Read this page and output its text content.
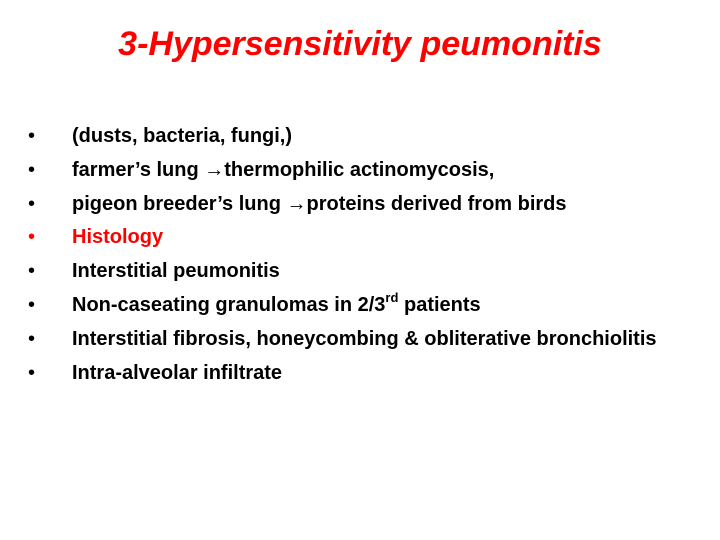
3-Hypersensitivity peumonitis
•	(dusts, bacteria, fungi,)
•	farmer’s lung →thermophilic actinomycosis,
•	pigeon breeder’s lung →proteins derived from birds
•	Histology
•	Interstitial peumonitis
•	Non-caseating granulomas in 2/3rd patients
•	Interstitial fibrosis, honeycombing & obliterative bronchiolitis
•	Intra-alveolar infiltrate
